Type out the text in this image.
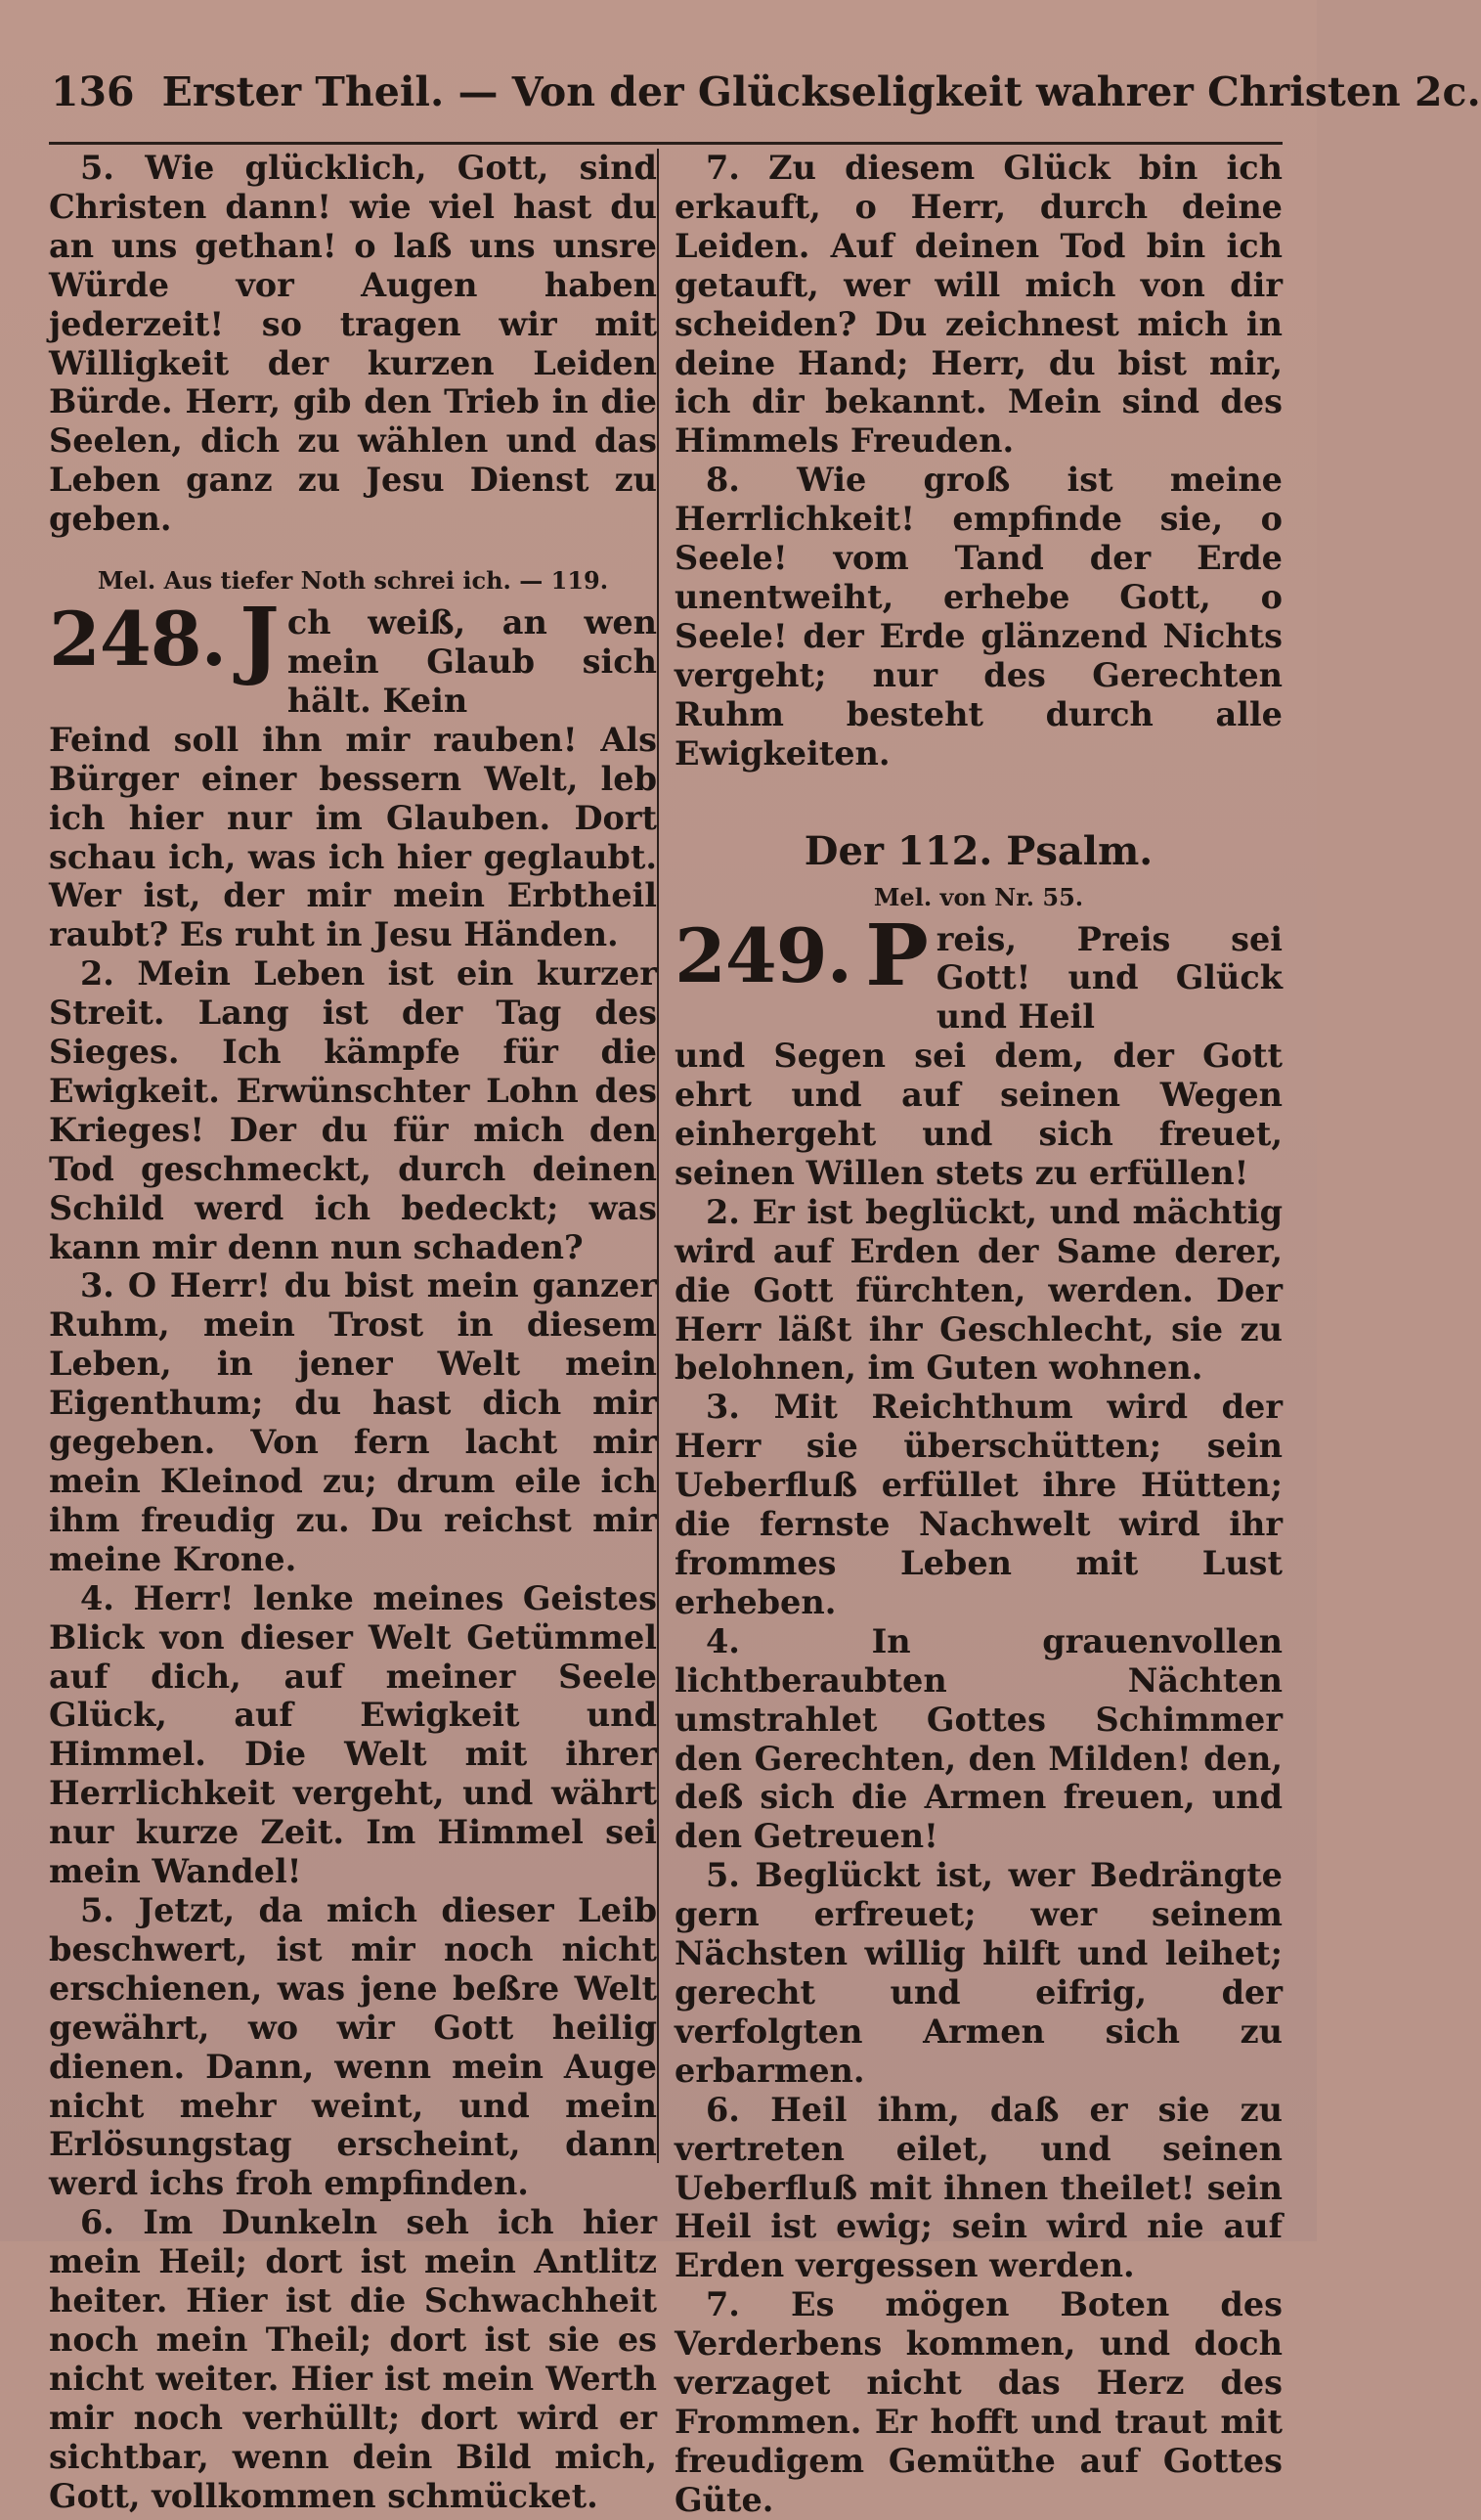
136 Erster Theil. — Von der Glückseligkeit wahrer Christen 2c.

5. Wie glücklich, Gott, sind Christen dann! wie viel hast du an uns gethan! o laß uns unsre Würde vor Augen haben jederzeit! so tragen wir mit Willigkeit der kurzen Leiden Bürde. Herr, gib den Trieb in die Seelen, dich zu wählen und das Leben ganz zu Jesu Dienst zu geben.

Mel. Aus tiefer Noth schrei ich. — 119.
248. J ch weiß, an wen mein Glaub sich hält. Kein

Feind soll ihn mir rauben! Als Bürger einer bessern Welt, leb ich hier nur im Glauben. Dort schau ich, was ich hier geglaubt. Wer ist, der mir mein Erbtheil raubt? Es ruht in Jesu Händen.

2. Mein Leben ist ein kurzer Streit. Lang ist der Tag des Sieges. Ich kämpfe für die Ewigkeit. Erwünschter Lohn des Krieges! Der du für mich den Tod geschmeckt, durch deinen Schild werd ich bedeckt; was kann mir denn nun schaden?

3. O Herr! du bist mein ganzer Ruhm, mein Trost in diesem Leben, in jener Welt mein Eigenthum; du hast dich mir gegeben. Von fern lacht mir mein Kleinod zu; drum eile ich ihm freudig zu. Du reichst mir meine Krone.

4. Herr! lenke meines Geistes Blick von dieser Welt Getümmel auf dich, auf meiner Seele Glück, auf Ewigkeit und Himmel. Die Welt mit ihrer Herrlichkeit vergeht, und währt nur kurze Zeit. Im Himmel sei mein Wandel!

5. Jetzt, da mich dieser Leib beschwert, ist mir noch nicht erschienen, was jene beßre Welt gewährt, wo wir Gott heilig dienen. Dann, wenn mein Auge nicht mehr weint, und mein Erlösungstag erscheint, dann werd ichs froh empfinden.

6. Im Dunkeln seh ich hier mein Heil; dort ist mein Antlitz heiter. Hier ist die Schwachheit noch mein Theil; dort ist sie es nicht weiter. Hier ist mein Werth mir noch verhüllt; dort wird er sichtbar, wenn dein Bild mich, Gott, vollkommen schmücket.

7. Zu diesem Glück bin ich erkauft, o Herr, durch deine Leiden. Auf deinen Tod bin ich getauft, wer will mich von dir scheiden? Du zeichnest mich in deine Hand; Herr, du bist mir, ich dir bekannt. Mein sind des Himmels Freuden.

8. Wie groß ist meine Herrlichkeit! empfinde sie, o Seele! vom Tand der Erde unentweiht, erhebe Gott, o Seele! der Erde glänzend Nichts vergeht; nur des Gerechten Ruhm besteht durch alle Ewigkeiten.

Der 112. Psalm.
Mel. von Nr. 55.
249. P reis, Preis sei Gott! und Glück und Heil

und Segen sei dem, der Gott ehrt und auf seinen Wegen einhergeht und sich freuet, seinen Willen stets zu erfüllen!

2. Er ist beglückt, und mächtig wird auf Erden der Same derer, die Gott fürchten, werden. Der Herr läßt ihr Geschlecht, sie zu belohnen, im Guten wohnen.

3. Mit Reichthum wird der Herr sie überschütten; sein Ueberfluß erfüllet ihre Hütten; die fernste Nachwelt wird ihr frommes Leben mit Lust erheben.

4. In grauenvollen lichtberaubten Nächten umstrahlet Gottes Schimmer den Gerechten, den Milden! den, deß sich die Armen freuen, und den Getreuen!

5. Beglückt ist, wer Bedrängte gern erfreuet; wer seinem Nächsten willig hilft und leihet; gerecht und eifrig, der verfolgten Armen sich zu erbarmen.

6. Heil ihm, daß er sie zu vertreten eilet, und seinen Ueberfluß mit ihnen theilet! sein Heil ist ewig; sein wird nie auf Erden vergessen werden.

7. Es mögen Boten des Verderbens kommen, und doch verzaget nicht das Herz des Frommen. Er hofft und traut mit freudigem Gemüthe auf Gottes Güte.
